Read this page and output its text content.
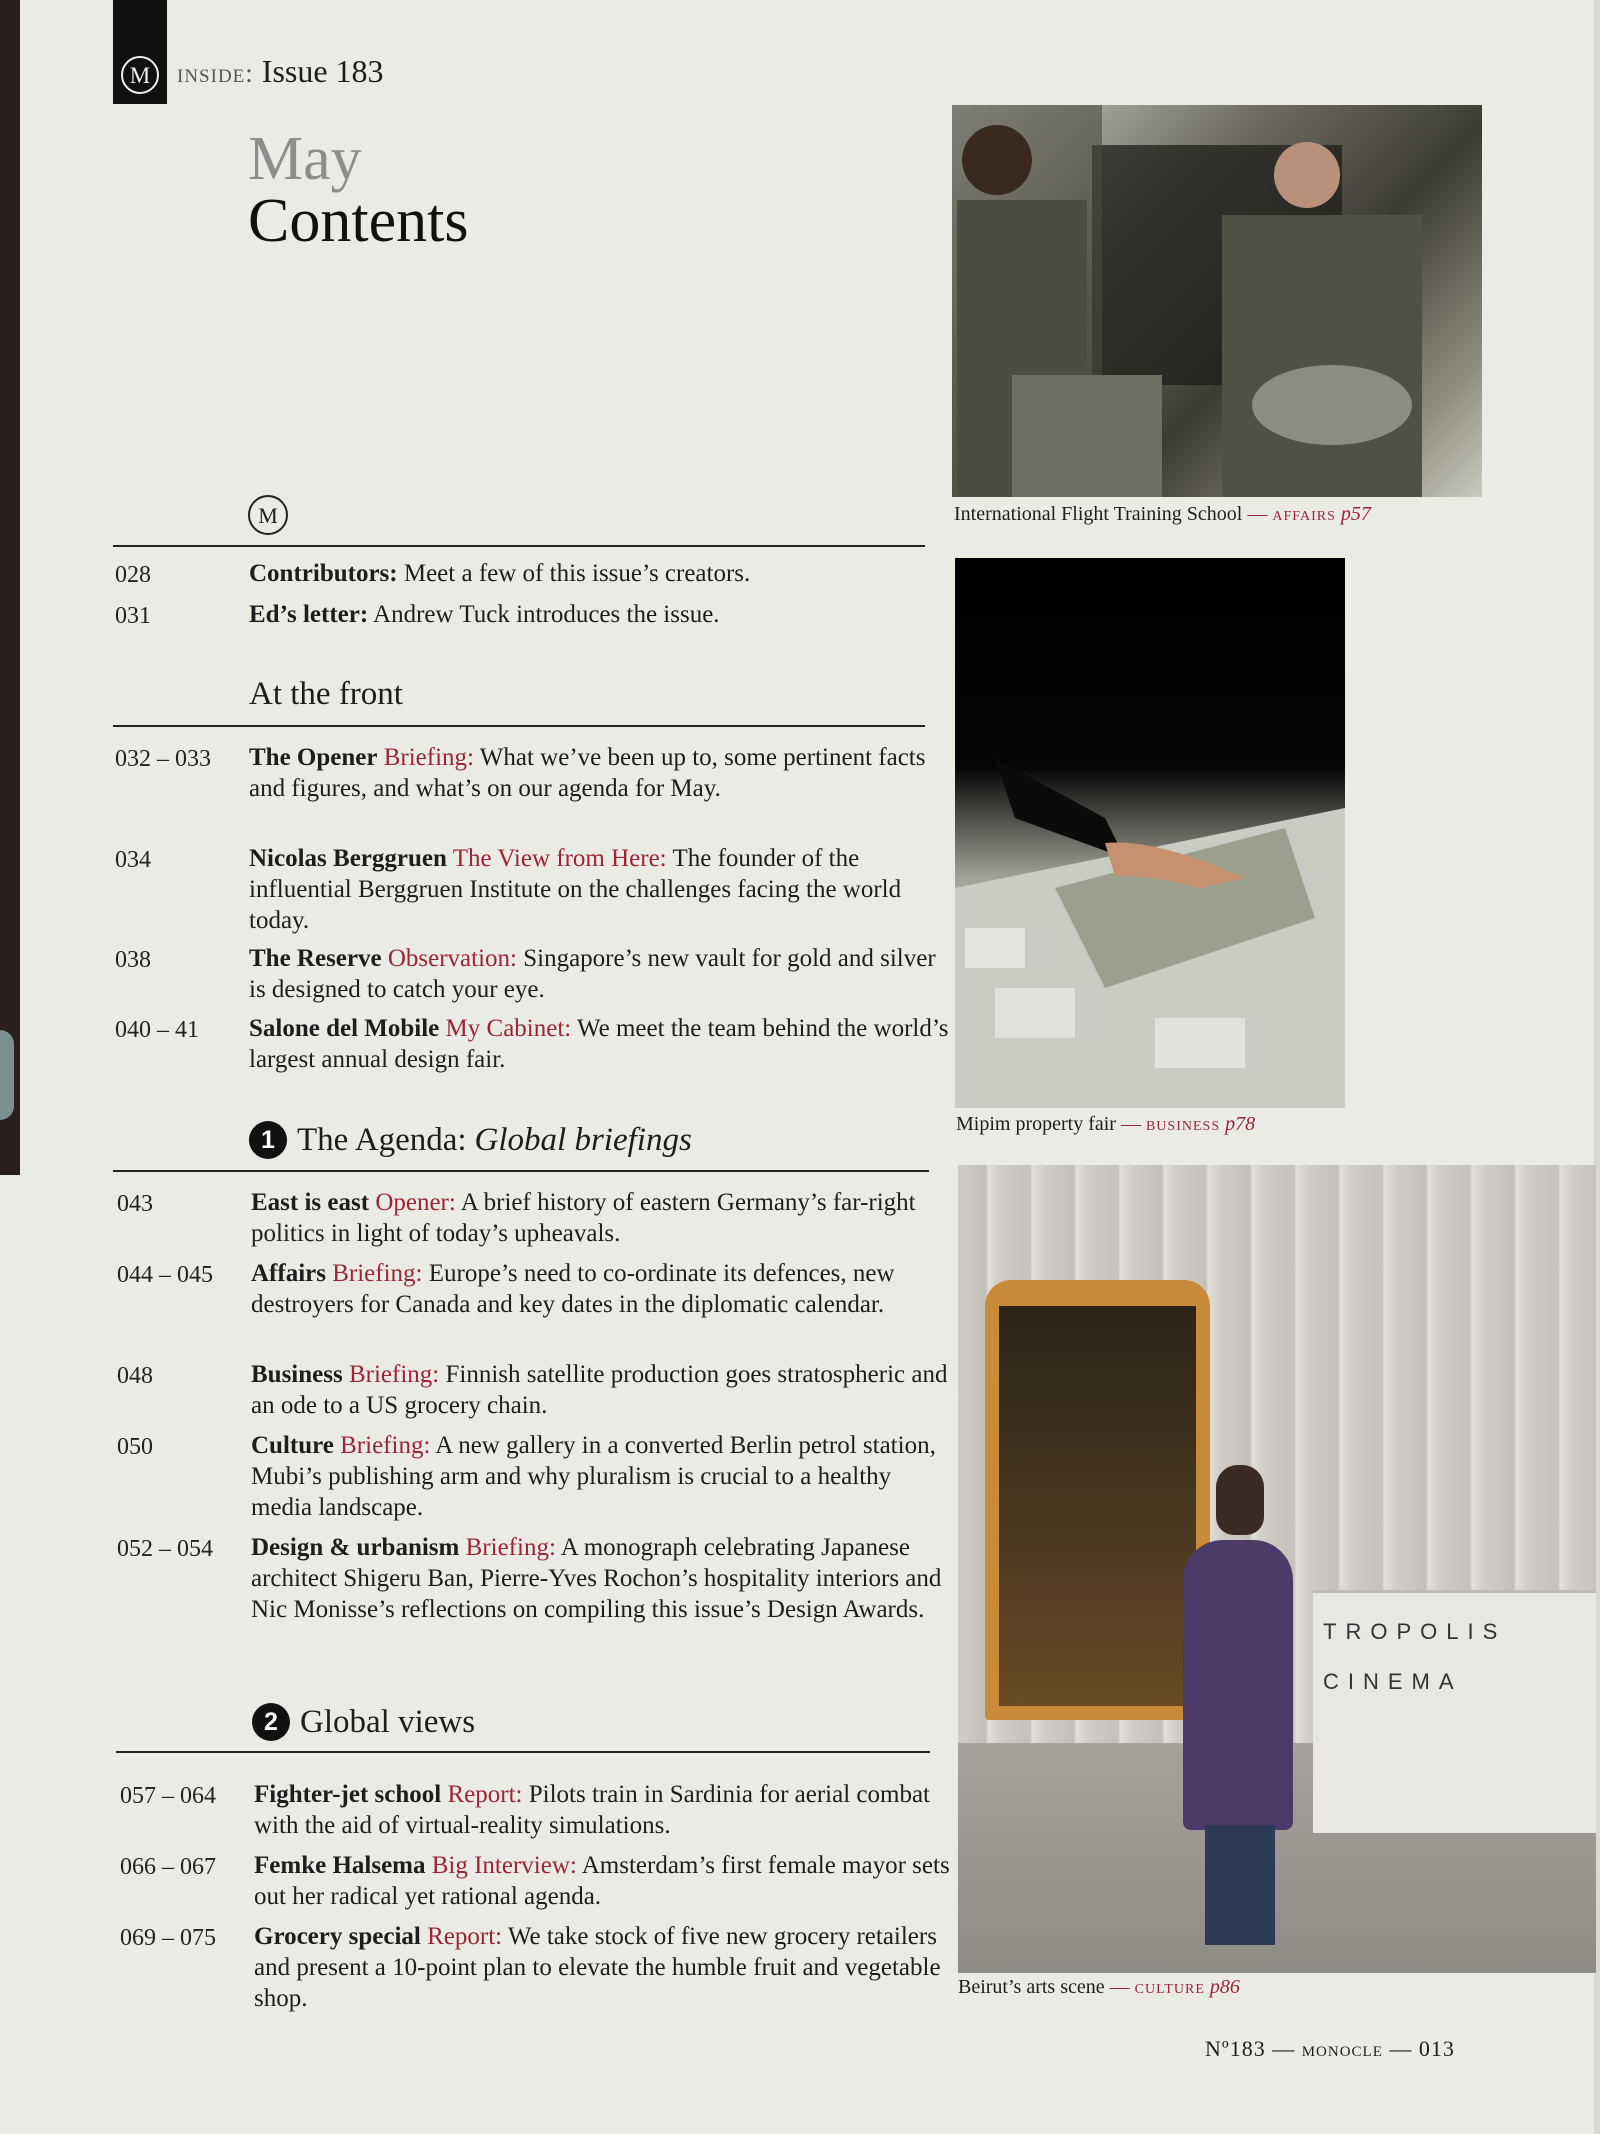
M inside: Issue 183
May
Contents
M
028	Contributors: Meet a few of this issue’s creators.
031	Ed’s letter: Andrew Tuck introduces the issue.
At the front
032 – 033 The Opener Briefing: What we’ve been up to, some pertinent facts and figures, and what’s on our agenda for May.
034	Nicolas Berggruen The View from Here: The founder of the influential Berggruen Institute on the challenges facing the world today.
038	The Reserve Observation: Singapore’s new vault for gold and silver is designed to catch your eye.
040 – 41 Salone del Mobile My Cabinet: We meet the team behind the world’s largest annual design fair.
1 The Agenda: Global briefings
043	East is east Opener: A brief history of eastern Germany’s far-right politics in light of today’s upheavals.
044 – 045 Affairs Briefing: Europe’s need to co-ordinate its defences, new destroyers for Canada and key dates in the diplomatic calendar.
048	Business Briefing: Finnish satellite production goes stratospheric and an ode to a US grocery chain.
050	Culture Briefing: A new gallery in a converted Berlin petrol station, Mubi’s publishing arm and why pluralism is crucial to a healthy media landscape.
052 – 054 Design & urbanism Briefing: A monograph celebrating Japanese architect Shigeru Ban, Pierre-Yves Rochon’s hospitality interiors and Nic Monisse’s reflections on compiling this issue’s Design Awards.
2 Global views
057 – 064 Fighter-jet school Report: Pilots train in Sardinia for aerial combat with the aid of virtual-reality simulations.
066 – 067 Femke Halsema Big Interview: Amsterdam’s first female mayor sets out her radical yet rational agenda.
069 – 075 Grocery special Report: We take stock of five new grocery retailers and present a 10-point plan to elevate the humble fruit and vegetable shop.
International Flight Training School — affairs p57
Mipim property fair — business p78
TROPOLIS
CINEMA
Beirut’s arts scene — culture p86
Nº183 — monocle — 013
